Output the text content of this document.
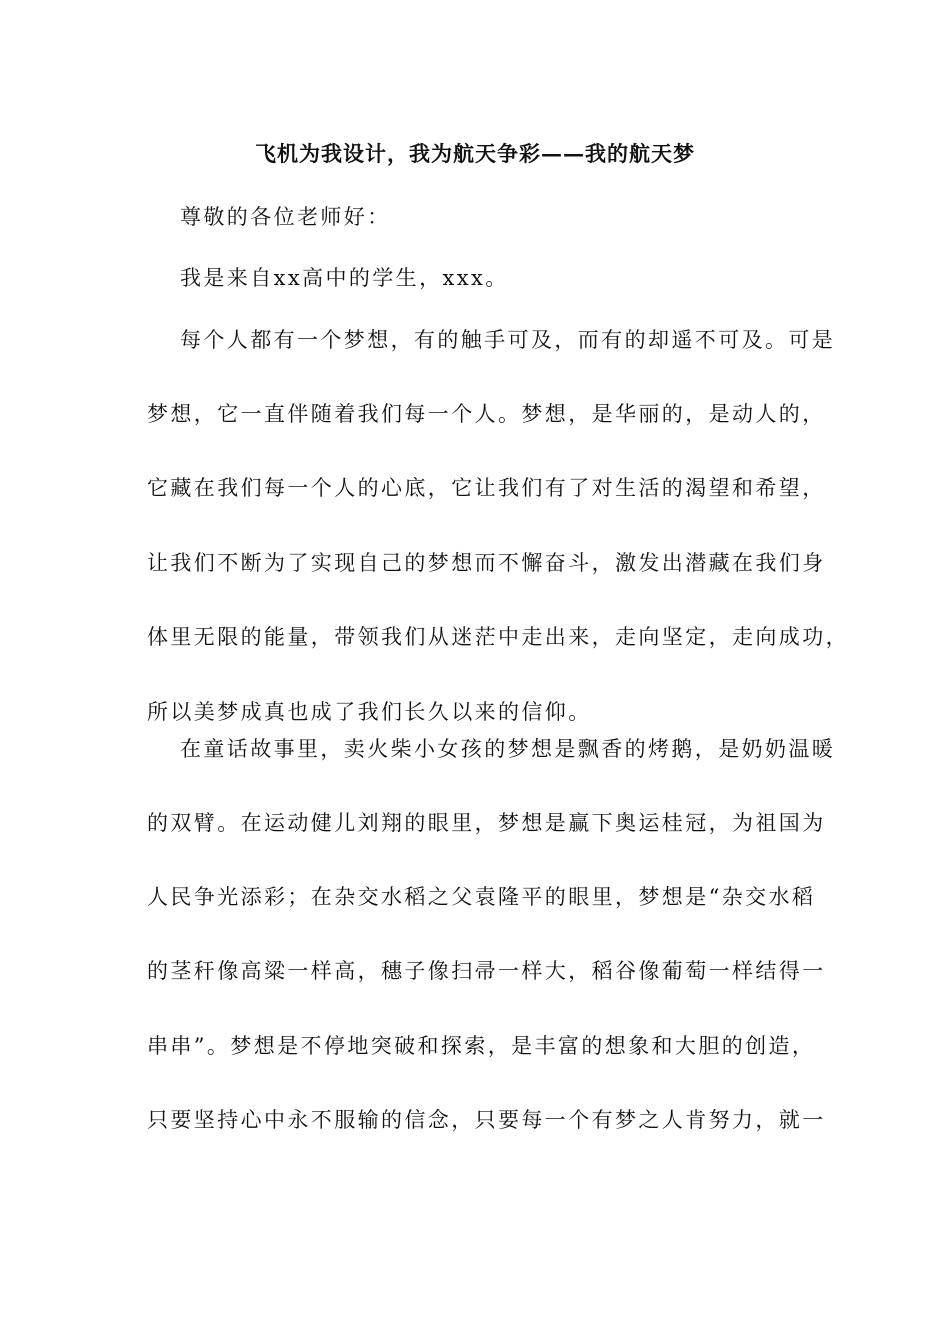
飞机为我设计，我为航天争彩——我的航天梦
尊敬的各位老师好：
我是来自xx高中的学生，xxx。
每个人都有一个梦想，有的触手可及，而有的却遥不可及。可是
梦想，它一直伴随着我们每一个人。梦想，是华丽的，是动人的，
它藏在我们每一个人的心底，它让我们有了对生活的渴望和希望，
让我们不断为了实现自己的梦想而不懈奋斗，激发出潜藏在我们身
体里无限的能量，带领我们从迷茫中走出来，走向坚定，走向成功，
所以美梦成真也成了我们长久以来的信仰。
在童话故事里，卖火柴小女孩的梦想是飘香的烤鹅，是奶奶温暖
的双臂。在运动健儿刘翔的眼里，梦想是赢下奥运桂冠，为祖国为
人民争光添彩；在杂交水稻之父袁隆平的眼里，梦想是“杂交水稻
的茎秆像高粱一样高，穗子像扫帚一样大，稻谷像葡萄一样结得一
串串”。梦想是不停地突破和探索，是丰富的想象和大胆的创造，
只要坚持心中永不服输的信念，只要每一个有梦之人肯努力，就一
